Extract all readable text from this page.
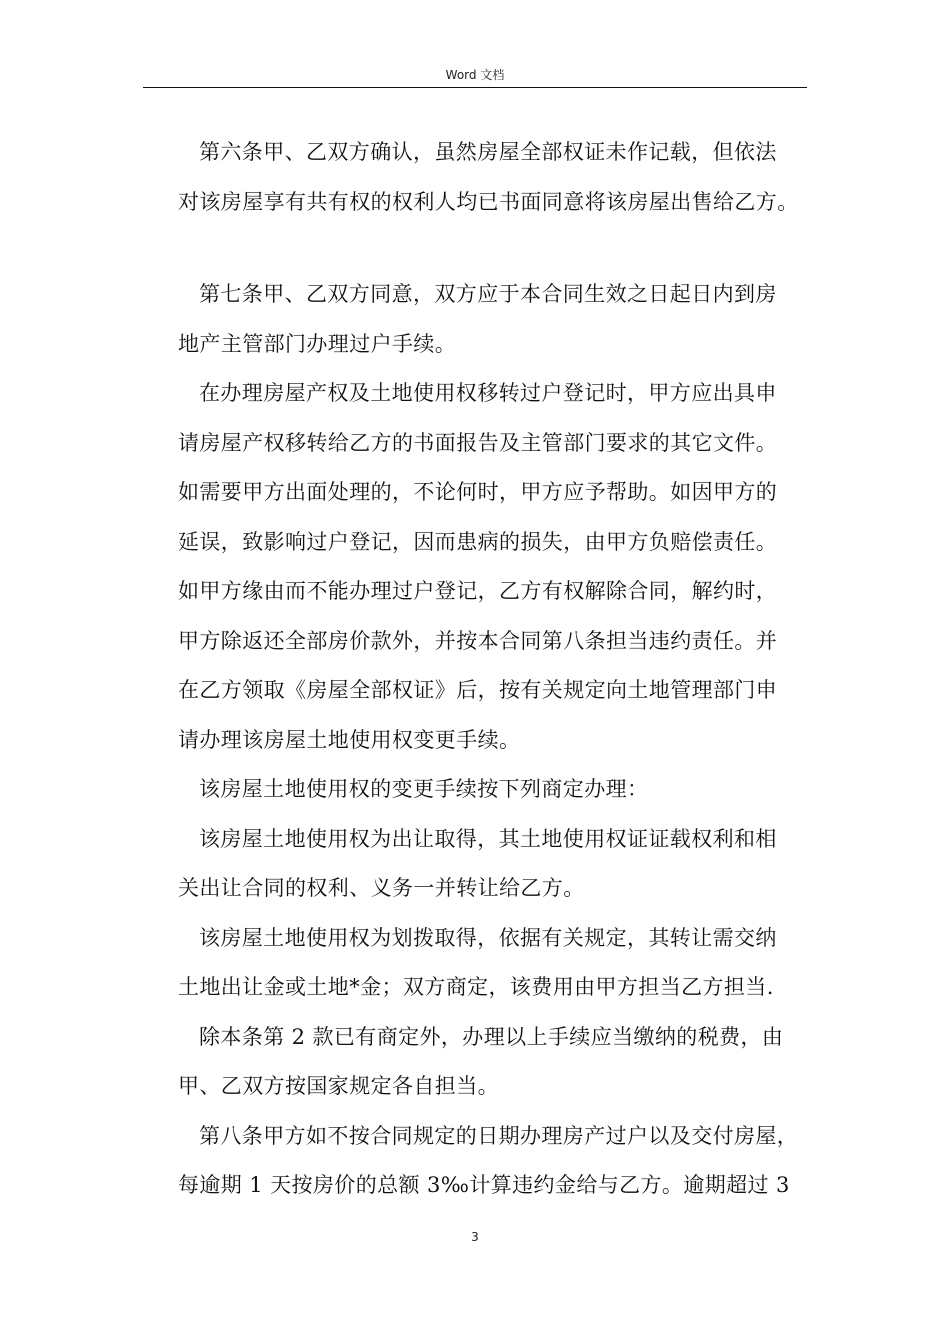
Word 文档

第六条甲、乙双方确认，虽然房屋全部权证未作记载，但依法
对该房屋享有共有权的权利人均已书面同意将该房屋出售给乙方。

第七条甲、乙双方同意，双方应于本合同生效之日起日内到房
地产主管部门办理过户手续。

在办理房屋产权及土地使用权移转过户登记时，甲方应出具申
请房屋产权移转给乙方的书面报告及主管部门要求的其它文件。
如需要甲方出面处理的，不论何时，甲方应予帮助。如因甲方的
延误，致影响过户登记，因而患病的损失，由甲方负赔偿责任。
如甲方缘由而不能办理过户登记，乙方有权解除合同，解约时，
甲方除返还全部房价款外，并按本合同第八条担当违约责任。并
在乙方领取《房屋全部权证》后，按有关规定向土地管理部门申
请办理该房屋土地使用权变更手续。

该房屋土地使用权的变更手续按下列商定办理：

该房屋土地使用权为出让取得，其土地使用权证证载权利和相
关出让合同的权利、义务一并转让给乙方。

该房屋土地使用权为划拨取得，依据有关规定，其转让需交纳
土地出让金或土地*金；双方商定，该费用由甲方担当乙方担当.

除本条第 2 款已有商定外，办理以上手续应当缴纳的税费，由
甲、乙双方按国家规定各自担当。

第八条甲方如不按合同规定的日期办理房产过户以及交付房屋，
每逾期 1 天按房价的总额 3‰计算违约金给与乙方。逾期超过 3

3
